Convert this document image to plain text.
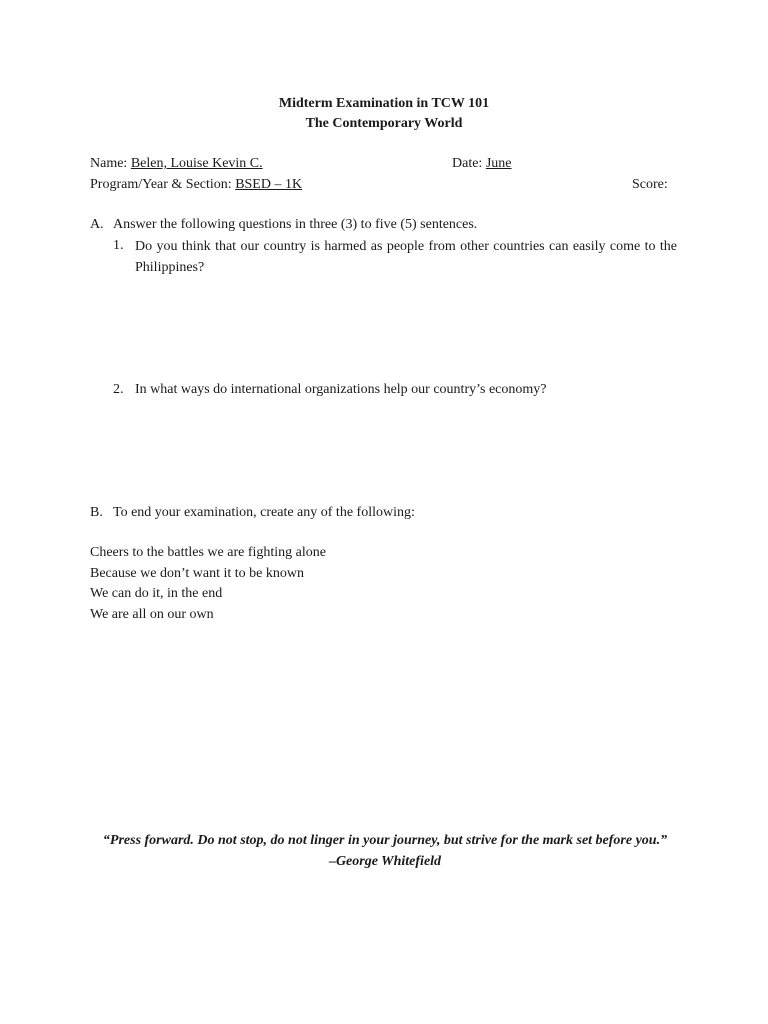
Midterm Examination in TCW 101
The Contemporary World
Name: Belen, Louise Kevin C.	Date: June
Program/Year & Section: BSED – 1K	Score:
A. Answer the following questions in three (3) to five (5) sentences.
1. Do you think that our country is harmed as people from other countries can easily come to the Philippines?
2. In what ways do international organizations help our country’s economy?
B. To end your examination, create any of the following:
Cheers to the battles we are fighting alone
Because we don’t want it to be known
We can do it, in the end
We are all on our own
“Press forward. Do not stop, do not linger in your journey, but strive for the mark set before you.”
–George Whitefield
